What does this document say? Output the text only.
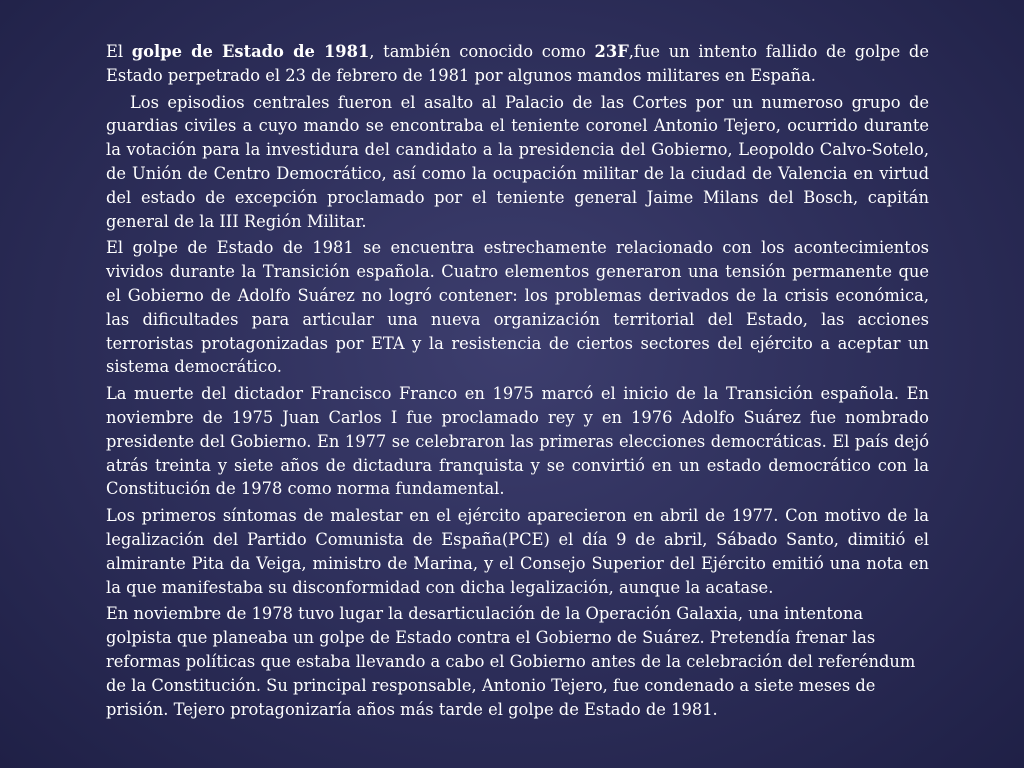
El golpe de Estado de 1981, también conocido como 23F,fue un intento fallido de golpe de Estado perpetrado el 23 de febrero de 1981 por algunos mandos militares en España.

Los episodios centrales fueron el asalto al Palacio de las Cortes por un numeroso grupo de guardias civiles a cuyo mando se encontraba el teniente coronel Antonio Tejero, ocurrido durante la votación para la investidura del candidato a la presidencia del Gobierno, Leopoldo Calvo-Sotelo, de Unión de Centro Democrático, así como la ocupación militar de la ciudad de Valencia en virtud del estado de excepción proclamado por el teniente general Jaime Milans del Bosch, capitán general de la III Región Militar.

El golpe de Estado de 1981 se encuentra estrechamente relacionado con los acontecimientos vividos durante la Transición española. Cuatro elementos generaron una tensión permanente que el Gobierno de Adolfo Suárez no logró contener: los problemas derivados de la crisis económica, las dificultades para articular una nueva organización territorial del Estado, las acciones terroristas protagonizadas por ETA y la resistencia de ciertos sectores del ejército a aceptar un sistema democrático.

La muerte del dictador Francisco Franco en 1975 marcó el inicio de la Transición española. En noviembre de 1975 Juan Carlos I fue proclamado rey y en 1976 Adolfo Suárez fue nombrado presidente del Gobierno. En 1977 se celebraron las primeras elecciones democráticas. El país dejó atrás treinta y siete años de dictadura franquista y se convirtió en un estado democrático con la Constitución de 1978 como norma fundamental.

Los primeros síntomas de malestar en el ejército aparecieron en abril de 1977. Con motivo de la legalización del Partido Comunista de España(PCE) el día 9 de abril, Sábado Santo, dimitió el almirante Pita da Veiga, ministro de Marina, y el Consejo Superior del Ejército emitió una nota en la que manifestaba su disconformidad con dicha legalización, aunque la acatase.

En noviembre de 1978 tuvo lugar la desarticulación de la Operación Galaxia, una intentona golpista que planeaba un golpe de Estado contra el Gobierno de Suárez. Pretendía frenar las reformas políticas que estaba llevando a cabo el Gobierno antes de la celebración del referéndum de la Constitución. Su principal responsable, Antonio Tejero, fue condenado a siete meses de prisión. Tejero protagonizaría años más tarde el golpe de Estado de 1981.
